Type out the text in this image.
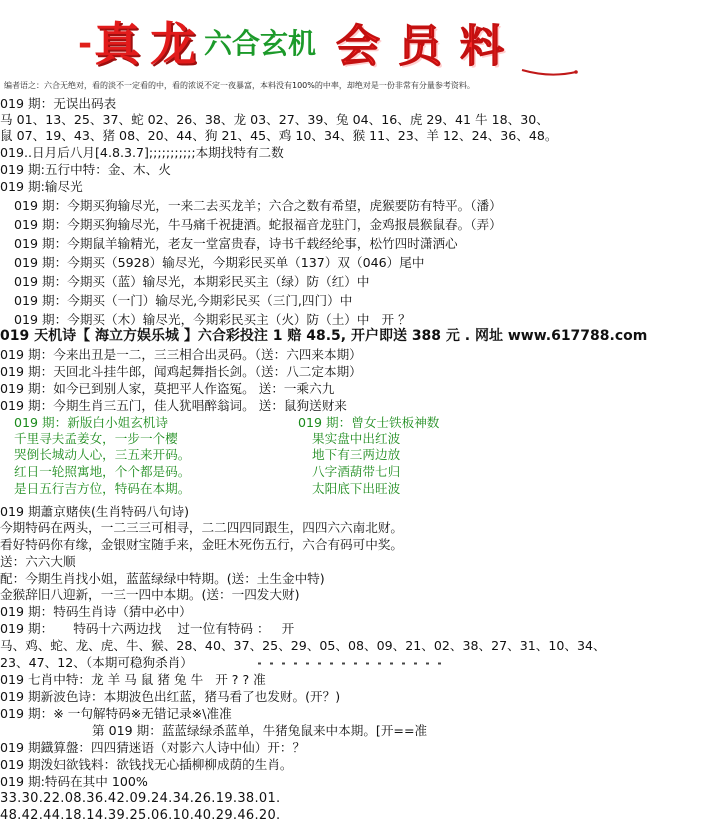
- 真 龙 六合玄机 会 员 料
编者语之：六合无绝对，看的淡不一定看的中，看的浓说不定一夜暴富，本料没有100%的中率，却绝对是一份非常有分量参考资料。
019 期：无误出码表
马 01、13、25、37、蛇 02、26、38、龙 03、27、39、兔 04、16、虎 29、41 牛 18、30、
鼠 07、19、43、猪 08、20、44、狗 21、45、鸡 10、34、猴 11、23、羊 12、24、36、48。
019..日月后八月[4.8.3.7];;;;;;;;;;;本期找特有二数
019 期:五行中特：金、木、火
019 期:输尽光
019 期：今期买狗输尽光，一来二去买龙羊；六合之数有希望，虎猴要防有特平。（潘）
019 期：今期买狗输尽光，牛马痛千祝捷酒。蛇报福音龙驻门，金鸡报晨猴鼠春。（弄）
019 期：今期鼠羊输精光，老友一堂富贵春，诗书千载经纶事，松竹四时潇洒心
019 期：今期买（5928）输尽光，今期彩民买单（137）双（046）尾中
019 期：今期买（蓝）输尽光，本期彩民买主（绿）防（红）中
019 期：今期买（一门）输尽光,今期彩民买（三门,四门）中
019 期：今期买（木）输尽光，今期彩民买主（火）防（土）中   开 ？
019 天机诗【 海立方娱乐城 】六合彩投注 1 赔 48.5, 开户即送 388 元 . 网址 www.617788.com
019 期：今来出丑是一二，三三相合出灵码。（送：六四来本期）
019 期：天回北斗挂牛郎，闻鸡起舞指长剑。（送：八二定本期）
019 期：如今已到别人家，莫把平人作盗冤。 送：一乘六九
019 期：今期生肖三五门，佳人犹唱醉翁词。 送：鼠狗送财来
019 期：新版白小姐玄机诗
千里寻夫孟姜女，一步一个樱
哭倒长城动人心，三五来开码。
红日一轮照寓地，个个都是码。
是日五行吉方位，特码在本期。
019 期：曾女士铁板神数
果实盘中出红波
地下有三两边放
八字酒葫带七归
太阳底下出旺波
019 期蕭京赌侠(生肖特码八句诗)
今期特码在两头，一二三三可相寻，二二四四同跟生，四四六六南北财。
看好特码你有缘，金银财宝随手来，金旺木死伤五行，六合有码可中奖。
送：六六大顺
配：今期生肖找小姐，蓝蓝绿绿中特期。(送：土生金中特)
金猴辞旧八迎新，一三一四中本期。(送：一四发大财)
019 期：特码生肖诗（猜中必中）
019 期：     特码十六两边找    过一位有特码 ：   开
马、鸡、蛇、龙、虎、牛、猴、28、40、37、25、29、05、08、09、21、02、38、27、31、10、34、
23、47、12、（本期可稳狗杀肖）
019 七肖中特：龙 羊 马 鼠 猪 兔 牛   开 ? ? 准
019 期新波色诗：本期波色出红蓝，猪马看了也发财。(开？)
019 期：※ 一句解特码※无错记录※\准准
第 019 期：蓝蓝绿绿杀蓝单，牛猪兔鼠来中本期。[开==准
019 期鐡算盤：四四猜迷语（对影六人诗中仙）开：？
019 期泼妇欲钱料：欲钱找无心插柳柳成荫的生肖。
019 期:特码在其中 100%
33.30.22.08.36.42.09.24.34.26.19.38.01.
48.42.44.18.14.39.25.06.10.40.29.46.20.
